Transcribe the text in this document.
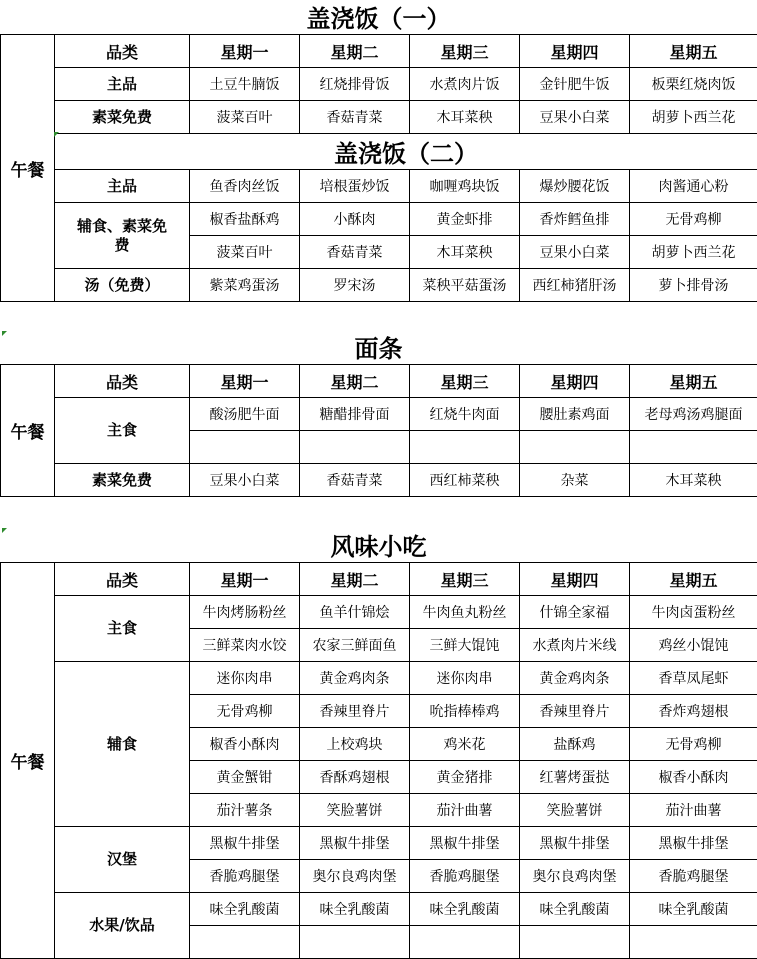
盖浇饭（一）
午餐	品类	星期一	星期二	星期三	星期四	星期五
	主品	土豆牛腩饭	红烧排骨饭	水煮肉片饭	金针肥牛饭	板栗红烧肉饭
	素菜免费	菠菜百叶	香菇青菜	木耳菜秧	豆果小白菜	胡萝卜西兰花
	盖浇饭（二）					
	主品	鱼香肉丝饭	培根蛋炒饭	咖喱鸡块饭	爆炒腰花饭	肉酱通心粉
	辅食、素菜免费	椒香盐酥鸡	小酥肉	黄金虾排	香炸鳕鱼排	无骨鸡柳
		菠菜百叶	香菇青菜	木耳菜秧	豆果小白菜	胡萝卜西兰花
	汤（免费）	紫菜鸡蛋汤	罗宋汤	菜秧平菇蛋汤	西红柿猪肝汤	萝卜排骨汤
面条
午餐	品类	星期一	星期二	星期三	星期四	星期五
	主食	酸汤肥牛面	糖醋排骨面	红烧牛肉面	腰肚素鸡面	老母鸡汤鸡腿面

	素菜免费	豆果小白菜	香菇青菜	西红柿菜秧	杂菜	木耳菜秧
风味小吃
午餐	品类	星期一	星期二	星期三	星期四	星期五
	主食	牛肉烤肠粉丝	鱼羊什锦烩	牛肉鱼丸粉丝	什锦全家福	牛肉卤蛋粉丝
		三鲜菜肉水饺	农家三鲜面鱼	三鲜大馄饨	水煮肉片米线	鸡丝小馄饨
	辅食	迷你肉串	黄金鸡肉条	迷你肉串	黄金鸡肉条	香草凤尾虾
		无骨鸡柳	香辣里脊片	吮指棒棒鸡	香辣里脊片	香炸鸡翅根
		椒香小酥肉	上校鸡块	鸡米花	盐酥鸡	无骨鸡柳
		黄金蟹钳	香酥鸡翅根	黄金猪排	红薯烤蛋挞	椒香小酥肉
		茄汁薯条	笑脸薯饼	茄汁曲薯	笑脸薯饼	茄汁曲薯
	汉堡	黑椒牛排堡	黑椒牛排堡	黑椒牛排堡	黑椒牛排堡	黑椒牛排堡
		香脆鸡腿堡	奥尔良鸡肉堡	香脆鸡腿堡	奥尔良鸡肉堡	香脆鸡腿堡
	水果/饮品	味全乳酸菌	味全乳酸菌	味全乳酸菌	味全乳酸菌	味全乳酸菌
